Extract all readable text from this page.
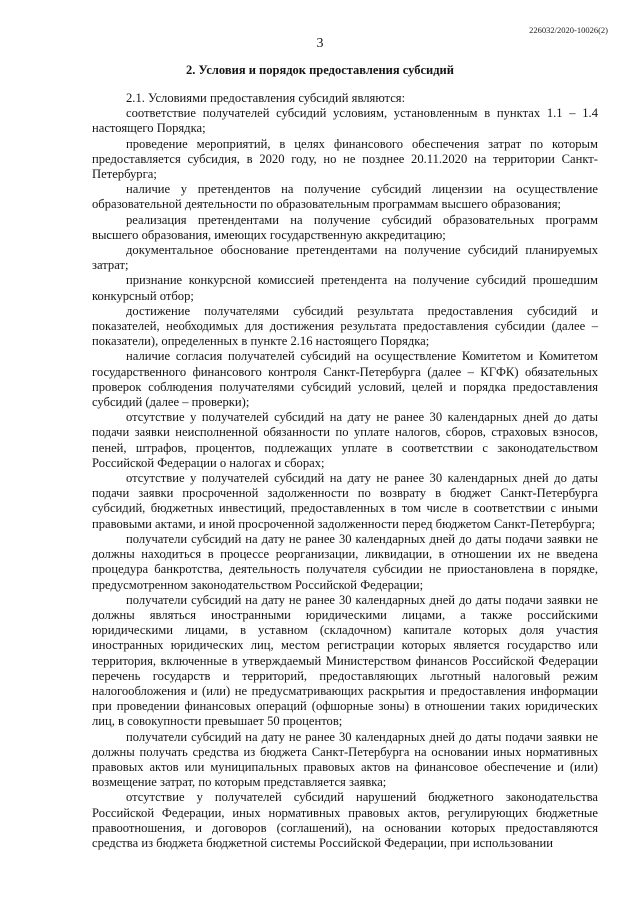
226032/2020-10026(2)
3
2. Условия и порядок предоставления субсидий

2.1. Условиями предоставления субсидий являются:

соответствие получателей субсидий условиям, установленным в пунктах 1.1 – 1.4 настоящего Порядка;

проведение мероприятий, в целях финансового обеспечения затрат по которым предоставляется субсидия, в 2020 году, но не позднее 20.11.2020 на территории Санкт-Петербурга;

наличие у претендентов на получение субсидий лицензии на осуществление образовательной деятельности по образовательным программам высшего образования;

реализация претендентами на получение субсидий образовательных программ высшего образования, имеющих государственную аккредитацию;

документальное обоснование претендентами на получение субсидий планируемых затрат;

признание конкурсной комиссией претендента на получение субсидий прошедшим конкурсный отбор;

достижение получателями субсидий результата предоставления субсидий и показателей, необходимых для достижения результата предоставления субсидии (далее – показатели), определенных в пункте 2.16 настоящего Порядка;

наличие согласия получателей субсидий на осуществление Комитетом и Комитетом государственного финансового контроля Санкт-Петербурга (далее – КГФК) обязательных проверок соблюдения получателями субсидий условий, целей и порядка предоставления субсидий (далее – проверки);

отсутствие у получателей субсидий на дату не ранее 30 календарных дней до даты подачи заявки неисполненной обязанности по уплате налогов, сборов, страховых взносов, пеней, штрафов, процентов, подлежащих уплате в соответствии с законодательством Российской Федерации о налогах и сборах;

отсутствие у получателей субсидий на дату не ранее 30 календарных дней до даты подачи заявки просроченной задолженности по возврату в бюджет Санкт-Петербурга субсидий, бюджетных инвестиций, предоставленных в том числе в соответствии с иными правовыми актами, и иной просроченной задолженности перед бюджетом Санкт-Петербурга;

получатели субсидий на дату не ранее 30 календарных дней до даты подачи заявки не должны находиться в процессе реорганизации, ликвидации, в отношении их не введена процедура банкротства, деятельность получателя субсидии не приостановлена в порядке, предусмотренном законодательством Российской Федерации;

получатели субсидий на дату не ранее 30 календарных дней до даты подачи заявки не должны являться иностранными юридическими лицами, а также российскими юридическими лицами, в уставном (складочном) капитале которых доля участия иностранных юридических лиц, местом регистрации которых является государство или территория, включенные в утверждаемый Министерством финансов Российской Федерации перечень государств и территорий, предоставляющих льготный налоговый режим налогообложения и (или) не предусматривающих раскрытия и предоставления информации при проведении финансовых операций (офшорные зоны) в отношении таких юридических лиц, в совокупности превышает 50 процентов;

получатели субсидий на дату не ранее 30 календарных дней до даты подачи заявки не должны получать средства из бюджета Санкт-Петербурга на основании иных нормативных правовых актов или муниципальных правовых актов на финансовое обеспечение и (или) возмещение затрат, по которым представляется заявка;

отсутствие у получателей субсидий нарушений бюджетного законодательства Российской Федерации, иных нормативных правовых актов, регулирующих бюджетные правоотношения, и договоров (соглашений), на основании которых предоставляются средства из бюджета бюджетной системы Российской Федерации, при использовании
